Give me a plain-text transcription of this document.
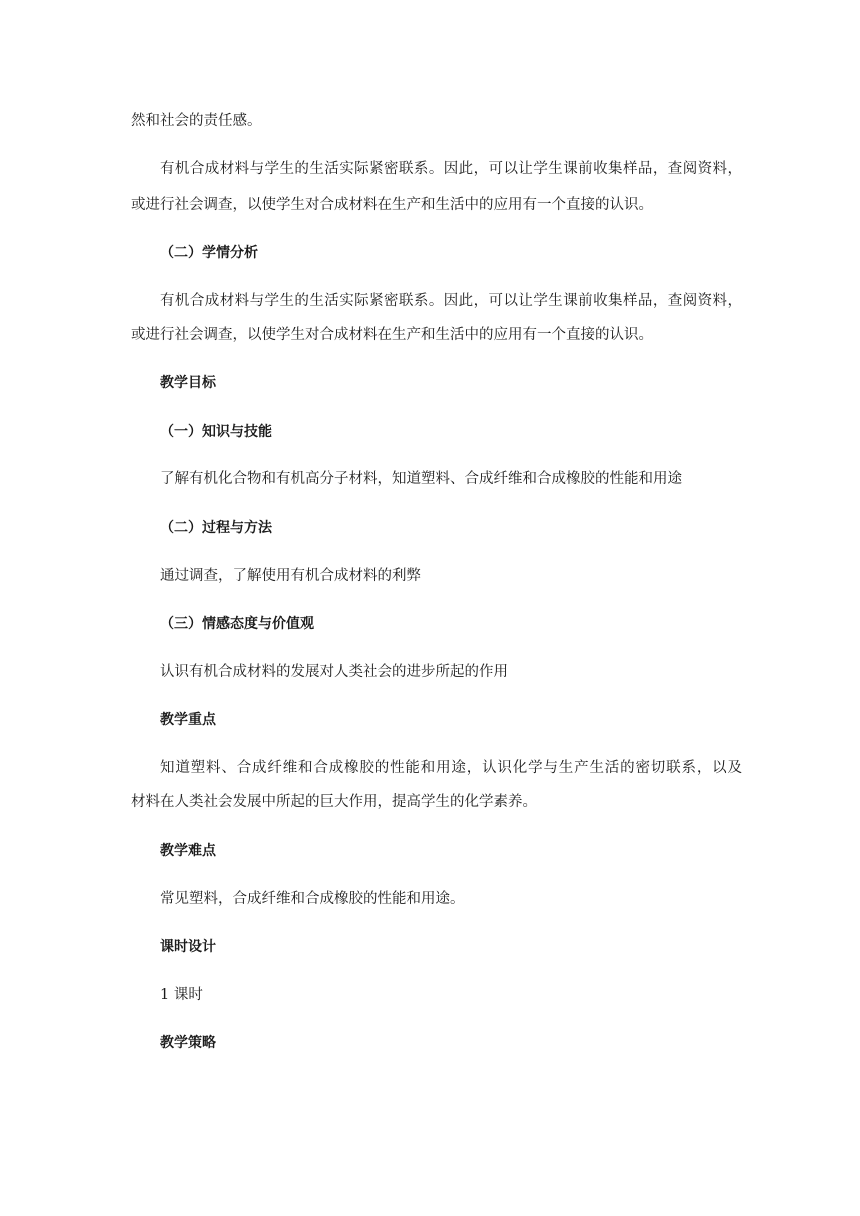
然和社会的责任感。
有机合成材料与学生的生活实际紧密联系。因此，可以让学生课前收集样品，查阅资料，
或进行社会调查，以使学生对合成材料在生产和生活中的应用有一个直接的认识。
（二）学情分析
有机合成材料与学生的生活实际紧密联系。因此，可以让学生课前收集样品，查阅资料，
或进行社会调查，以使学生对合成材料在生产和生活中的应用有一个直接的认识。
教学目标
（一）知识与技能
了解有机化合物和有机高分子材料，知道塑料、合成纤维和合成橡胶的性能和用途
（二）过程与方法
通过调查，了解使用有机合成材料的利弊
（三）情感态度与价值观
认识有机合成材料的发展对人类社会的进步所起的作用
教学重点
知道塑料、合成纤维和合成橡胶的性能和用途，认识化学与生产生活的密切联系，以及
材料在人类社会发展中所起的巨大作用，提高学生的化学素养。
教学难点
常见塑料，合成纤维和合成橡胶的性能和用途。
课时设计
1 课时
教学策略
